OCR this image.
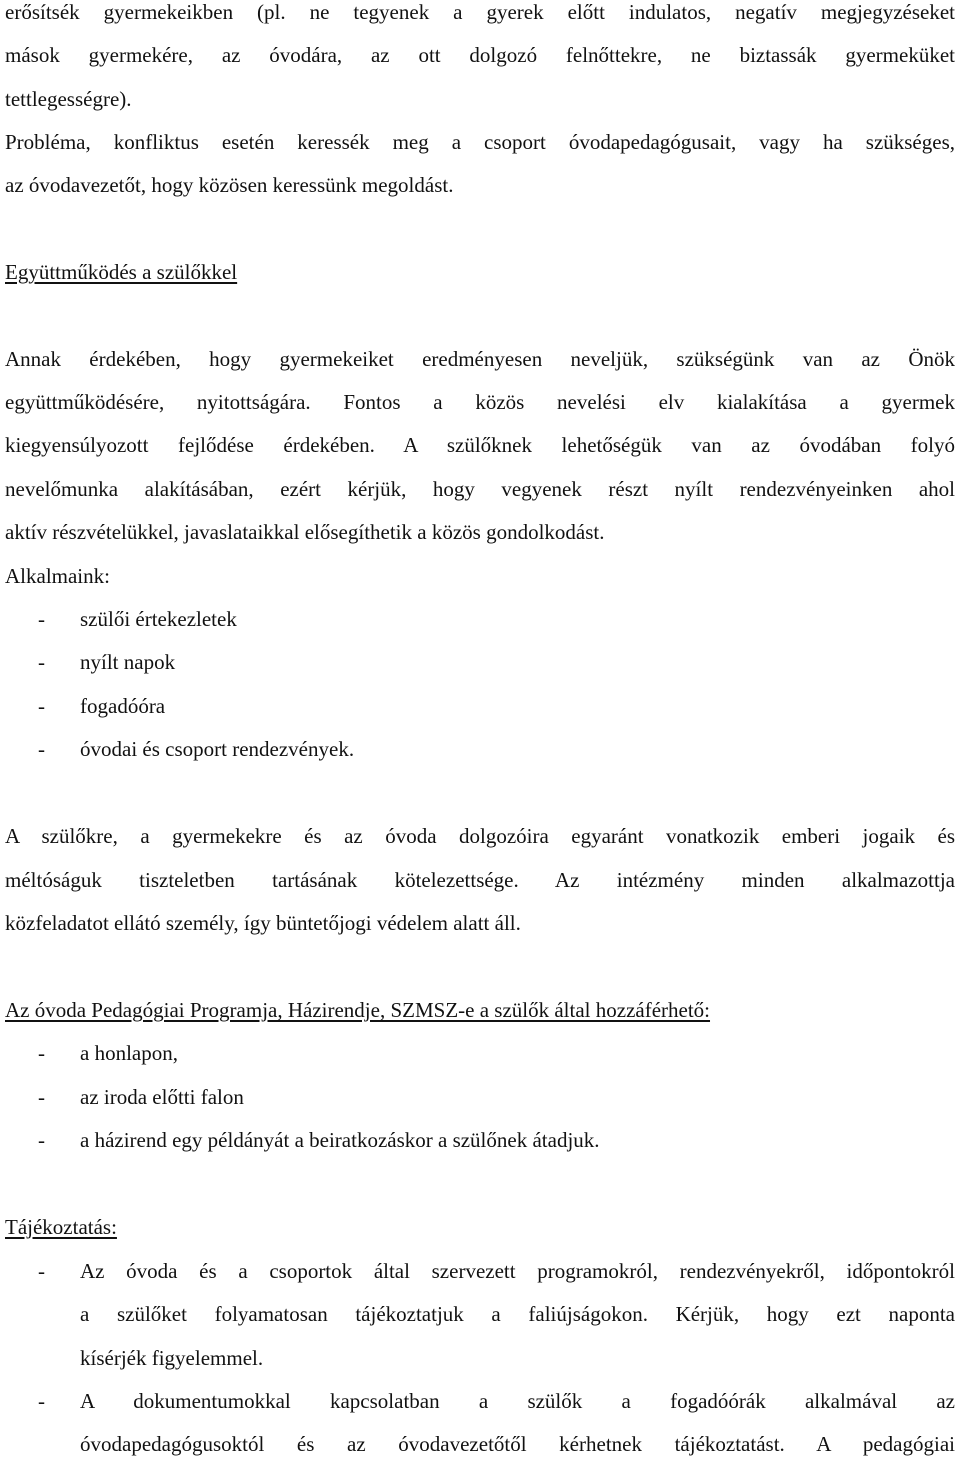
erősítsék gyermekeikben (pl. ne tegyenek a gyerek előtt indulatos, negatív megjegyzéseket
mások gyermekére, az óvodára, az ott dolgozó felnőttekre, ne biztassák gyermeküket
tettlegességre).
Probléma, konfliktus esetén keressék meg a csoport óvodapedagógusait, vagy ha szükséges,
az óvodavezetőt, hogy közösen keressünk megoldást.
Együttműködés a szülőkkel
Annak érdekében, hogy gyermekeiket eredményesen neveljük, szükségünk van az Önök
együttműködésére, nyitottságára. Fontos a közös nevelési elv kialakítása a gyermek
kiegyensúlyozott fejlődése érdekében. A szülőknek lehetőségük van az óvodában folyó
nevelőmunka alakításában, ezért kérjük, hogy vegyenek részt nyílt rendezvényeinken ahol
aktív részvételükkel, javaslataikkal elősegíthetik a közös gondolkodást.
Alkalmaink:
- szülői értekezletek
- nyílt napok
- fogadóóra
- óvodai és csoport rendezvények.
A szülőkre, a gyermekekre és az óvoda dolgozóira egyaránt vonatkozik emberi jogaik és
méltóságuk tiszteletben tartásának kötelezettsége. Az intézmény minden alkalmazottja
közfeladatot ellátó személy, így büntetőjogi védelem alatt áll.
Az óvoda Pedagógiai Programja, Házirendje, SZMSZ-e a szülők által hozzáférhető:
- a honlapon,
- az iroda előtti falon
- a házirend egy példányát a beiratkozáskor a szülőnek átadjuk.
Tájékoztatás:
- Az óvoda és a csoportok által szervezett programokról, rendezvényekről, időpontokról
a szülőket folyamatosan tájékoztatjuk a faliújságokon. Kérjük, hogy ezt naponta
kísérjék figyelemmel.
- A dokumentumokkal kapcsolatban a szülők a fogadóórák alkalmával az
óvodapedagógusoktól és az óvodavezetőtől kérhetnek tájékoztatást. A pedagógiai
